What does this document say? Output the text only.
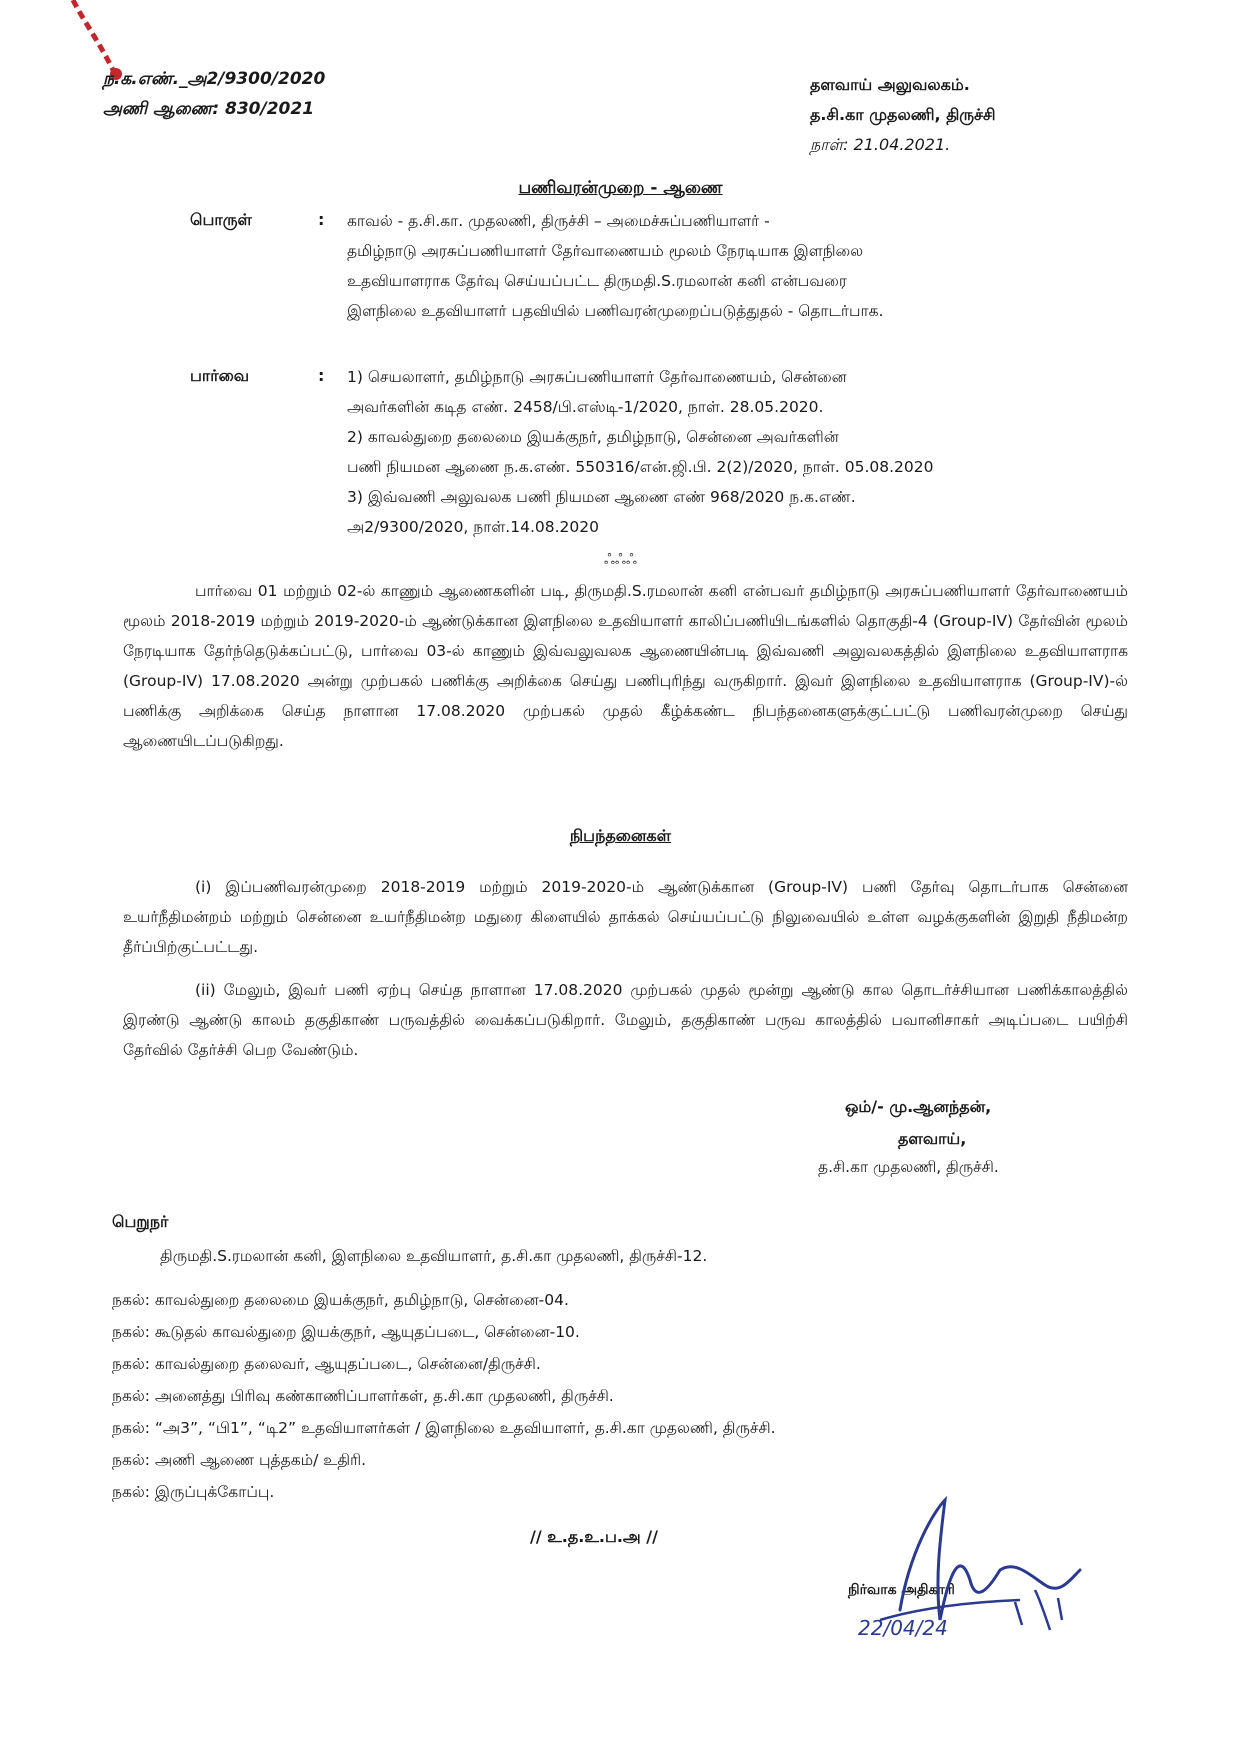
ந.க.எண்._அ2/9300/2020
அணி ஆணை: 830/2021
தளவாய் அலுவலகம்.
த.சி.கா முதலணி, திருச்சி
நாள்: 21.04.2021.
பணிவரன்முறை - ஆணை
பொருள்	: காவல் - த.சி.கா. முதலணி, திருச்சி – அமைச்சுப்பணியாளர் -
தமிழ்நாடு அரசுப்பணியாளர் தேர்வாணையம் மூலம் நேரடியாக இளநிலை
உதவியாளராக தேர்வு செய்யப்பட்ட திருமதி.S.ரமலான் கனி என்பவரை
இளநிலை உதவியாளர் பதவியில் பணிவரன்முறைப்படுத்துதல் - தொடர்பாக.
பார்வை	: 1) செயலாளர், தமிழ்நாடு அரசுப்பணியாளர் தேர்வாணையம், சென்னை
அவர்களின் கடித எண். 2458/பி.எஸ்டி-1/2020, நாள். 28.05.2020.
2) காவல்துறை தலைமை இயக்குநர், தமிழ்நாடு, சென்னை அவர்களின்
பணி நியமன ஆணை ந.க.எண். 550316/என்.ஜி.பி. 2(2)/2020, நாள். 05.08.2020
3) இவ்வணி அலுவலக பணி நியமன ஆணை எண் 968/2020 ந.க.எண்.
அ2/9300/2020, நாள்.14.08.2020
ஃஃஃ
பார்வை 01 மற்றும் 02-ல் காணும் ஆணைகளின் படி, திருமதி.S.ரமலான் கனி என்பவர் தமிழ்நாடு அரசுப்பணியாளர் தேர்வாணையம் மூலம் 2018-2019 மற்றும் 2019-2020-ம் ஆண்டுக்கான இளநிலை உதவியாளர் காலிப்பணியிடங்களில் தொகுதி-4 (Group-IV) தேர்வின் மூலம் நேரடியாக தேர்ந்தெடுக்கப்பட்டு, பார்வை 03-ல் காணும் இவ்வலுவலக ஆணையின்படி இவ்வணி அலுவலகத்தில் இளநிலை உதவியாளராக (Group-IV) 17.08.2020 அன்று முற்பகல் பணிக்கு அறிக்கை செய்து பணிபுரிந்து வருகிறார். இவர் இளநிலை உதவியாளராக (Group-IV)-ல் பணிக்கு அறிக்கை செய்த நாளான 17.08.2020 முற்பகல் முதல் கீழ்க்கண்ட நிபந்தனைகளுக்குட்பட்டு பணிவரன்முறை செய்து ஆணையிடப்படுகிறது.
நிபந்தனைகள்
(i) இப்பணிவரன்முறை 2018-2019 மற்றும் 2019-2020-ம் ஆண்டுக்கான (Group-IV) பணி தேர்வு தொடர்பாக சென்னை உயர்நீதிமன்றம் மற்றும் சென்னை உயர்நீதிமன்ற மதுரை கிளையில் தாக்கல் செய்யப்பட்டு நிலுவையில் உள்ள வழக்குகளின் இறுதி நீதிமன்ற தீர்ப்பிற்குட்பட்டது.
(ii) மேலும், இவர் பணி ஏற்பு செய்த நாளான 17.08.2020 முற்பகல் முதல் மூன்று ஆண்டு கால தொடர்ச்சியான பணிக்காலத்தில் இரண்டு ஆண்டு காலம் தகுதிகாண் பருவத்தில் வைக்கப்படுகிறார். மேலும், தகுதிகாண் பருவ காலத்தில் பவானிசாகர் அடிப்படை பயிற்சி தேர்வில் தேர்ச்சி பெற வேண்டும்.
ஒம்/- மு.ஆனந்தன்,
தளவாய்,
த.சி.கா முதலணி, திருச்சி.
பெறுநர்
திருமதி.S.ரமலான் கனி, இளநிலை உதவியாளர், த.சி.கா முதலணி, திருச்சி-12.
நகல்: காவல்துறை தலைமை இயக்குநர், தமிழ்நாடு, சென்னை-04.
நகல்: கூடுதல் காவல்துறை இயக்குநர், ஆயுதப்படை, சென்னை-10.
நகல்: காவல்துறை தலைவர், ஆயுதப்படை, சென்னை/திருச்சி.
நகல்: அனைத்து பிரிவு கண்காணிப்பாளர்கள், த.சி.கா முதலணி, திருச்சி.
நகல்: “அ3”, “பி1”, “டி2” உதவியாளர்கள் / இளநிலை உதவியாளர், த.சி.கா முதலணி, திருச்சி.
நகல்: அணி ஆணை புத்தகம்/ உதிரி.
நகல்: இருப்புக்கோப்பு.
// உ.த.உ.ப.அ //
நிர்வாக அதிகாரி
22/04/24
